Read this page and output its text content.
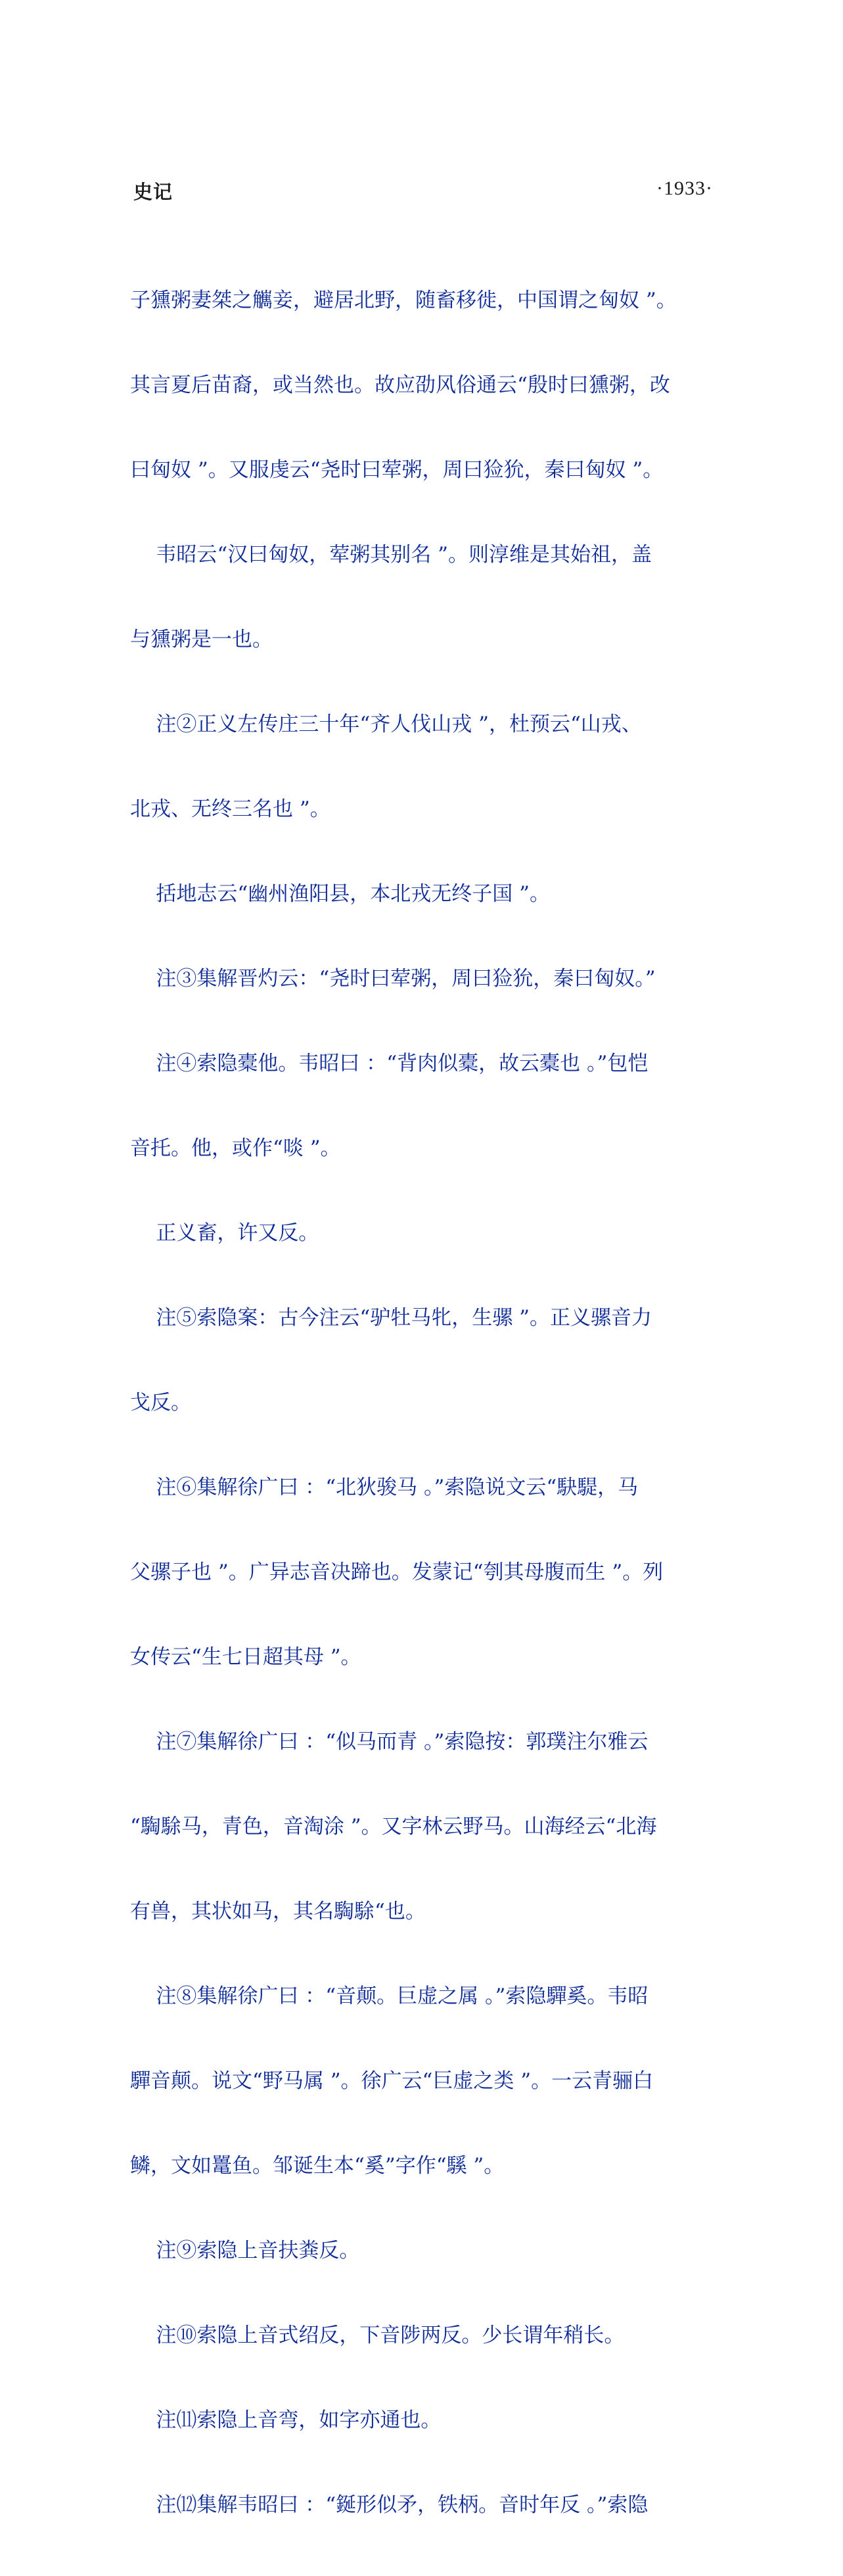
史记	·1933·

子獯粥妻桀之觽妾，避居北野，随畜移徙，中国谓之匈奴 ”。

其言夏后苗裔，或当然也。故应劭风俗通云“殷时曰獯粥，改

曰匈奴 ”。又服虔云“尧时曰荤粥，周曰猃狁，秦曰匈奴 ”。

韦昭云“汉曰匈奴，荤粥其别名 ”。则淳维是其始祖，盖

与獯粥是一也。

注②正义左传庄三十年“齐人伐山戎 ”，杜预云“山戎、

北戎、无终三名也 ”。

括地志云“幽州渔阳县，本北戎无终子国 ”。

注③集解晋灼云：“尧时曰荤粥，周曰猃狁，秦曰匈奴。”

注④索隐橐他。韦昭曰 ：“背肉似橐，故云橐也 。”包恺

音托。他，或作“啖 ”。

正义畜，许又反。

注⑤索隐案：古今注云“驴牡马牝，生骡 ”。正义骡音力

戈反。

注⑥集解徐广曰 ：“北狄骏马 。”索隐说文云“駃騠，马

父骡子也 ”。广异志音决蹄也。发蒙记“刳其母腹而生 ”。列

女传云“生七日超其母 ”。

注⑦集解徐广曰 ：“似马而青 。”索隐按：郭璞注尔雅云

“騊駼马，青色，音淘涂 ”。又字林云野马。山海经云“北海

有兽，其状如马，其名騊駼“也。

注⑧集解徐广曰 ：“音颠。巨虚之属 。”索隐驒奚。韦昭

驒音颠。说文“野马属 ”。徐广云“巨虚之类 ”。一云青骊白

鳞，文如鼍鱼。邹诞生本“奚”字作“騱 ”。

注⑨索隐上音扶粪反。

注⑩索隐上音式绍反，下音陟两反。少长谓年稍长。

注⑾索隐上音弯，如字亦通也。

注⑿集解韦昭曰 ：“鋋形似矛，铁柄。音时年反 。”索隐
